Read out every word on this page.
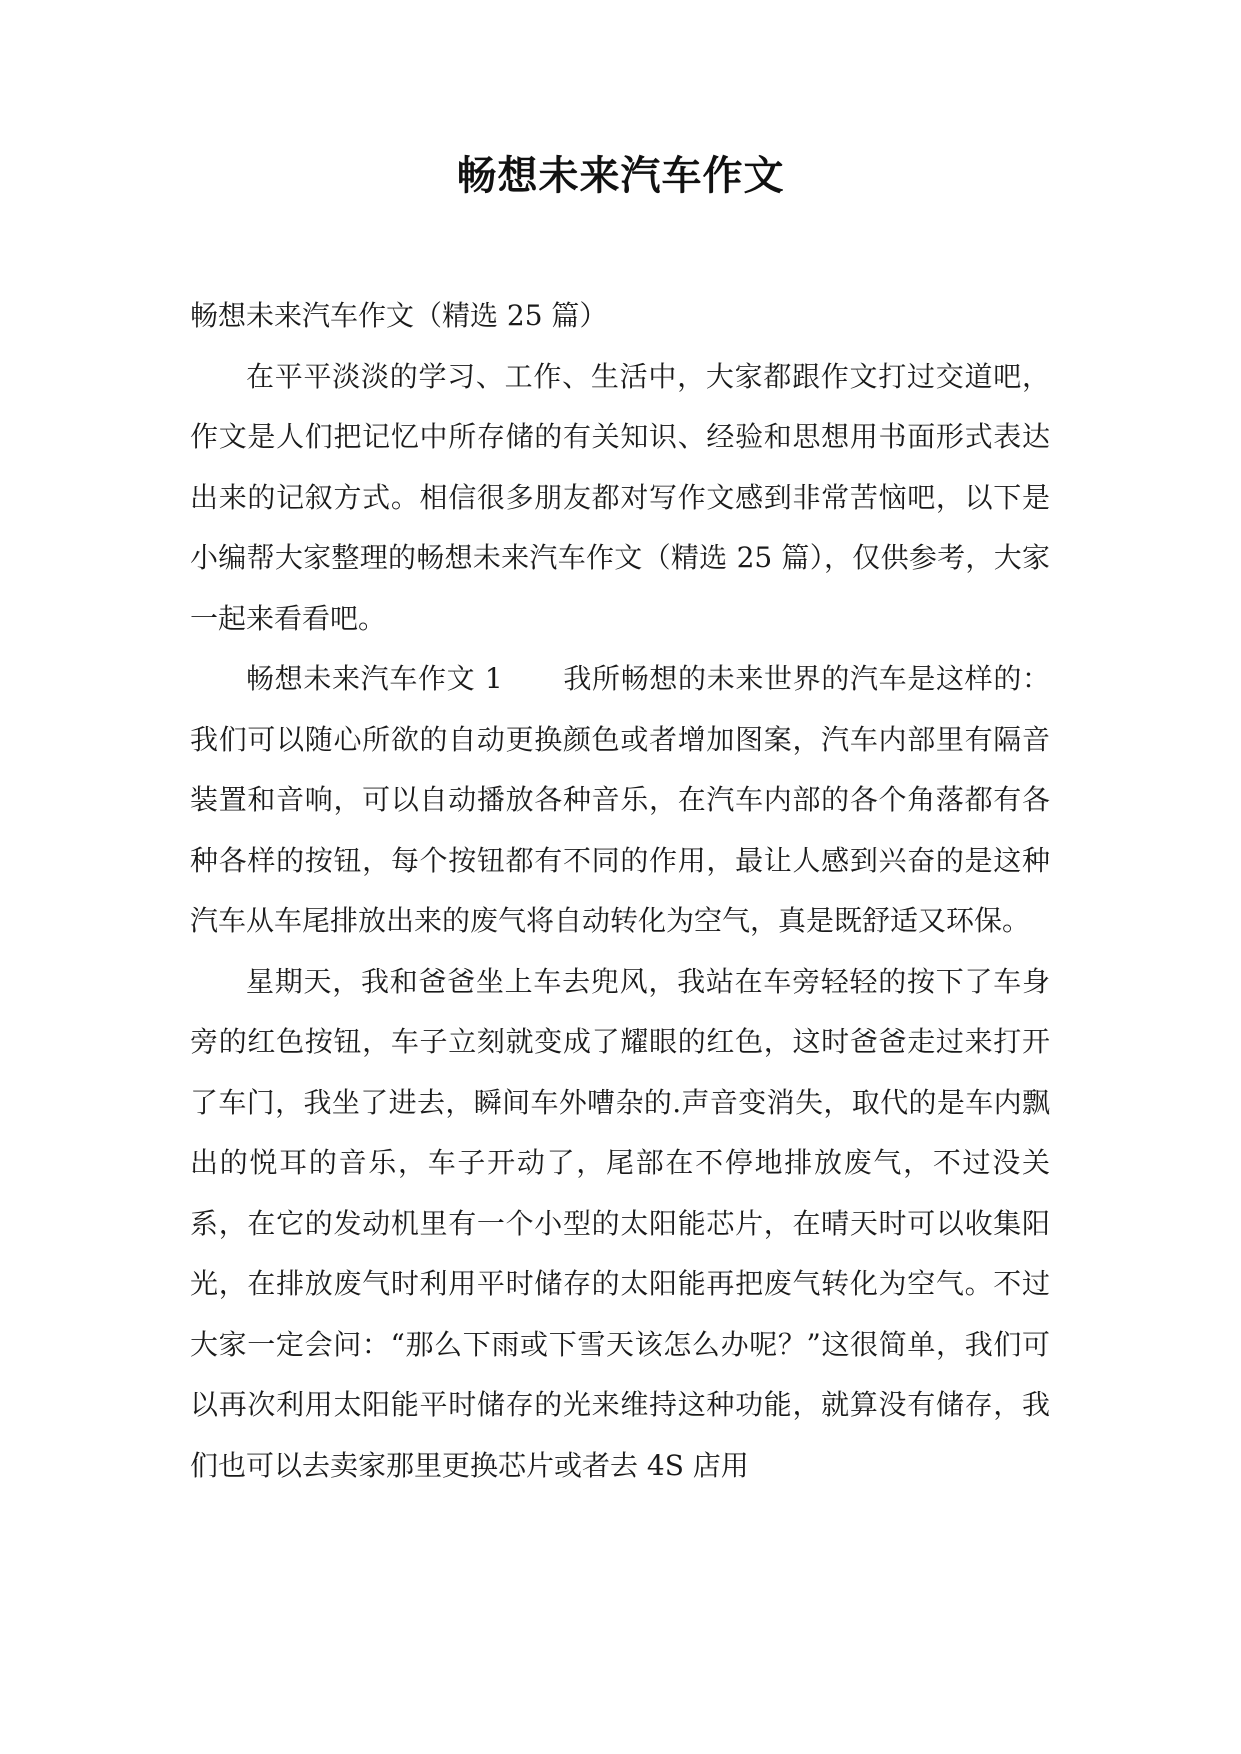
畅想未来汽车作文

畅想未来汽车作文（精选 25 篇）

在平平淡淡的学习、工作、生活中，大家都跟作文打过交道吧，作文是人们把记忆中所存储的有关知识、经验和思想用书面形式表达出来的记叙方式。相信很多朋友都对写作文感到非常苦恼吧，以下是小编帮大家整理的畅想未来汽车作文（精选 25 篇），仅供参考，大家一起来看看吧。

畅想未来汽车作文 1 我所畅想的未来世界的汽车是这样的：我们可以随心所欲的自动更换颜色或者增加图案，汽车内部里有隔音装置和音响，可以自动播放各种音乐，在汽车内部的各个角落都有各种各样的按钮，每个按钮都有不同的作用，最让人感到兴奋的是这种汽车从车尾排放出来的废气将自动转化为空气，真是既舒适又环保。

星期天，我和爸爸坐上车去兜风，我站在车旁轻轻的按下了车身旁的红色按钮，车子立刻就变成了耀眼的红色，这时爸爸走过来打开了车门，我坐了进去，瞬间车外嘈杂的.声音变消失，取代的是车内飘出的悦耳的音乐，车子开动了，尾部在不停地排放废气，不过没关系，在它的发动机里有一个小型的太阳能芯片，在晴天时可以收集阳光，在排放废气时利用平时储存的太阳能再把废气转化为空气。不过大家一定会问：“那么下雨或下雪天该怎么办呢？”这很简单，我们可以再次利用太阳能平时储存的光来维持这种功能，就算没有储存，我们也可以去卖家那里更换芯片或者去 4S 店用
